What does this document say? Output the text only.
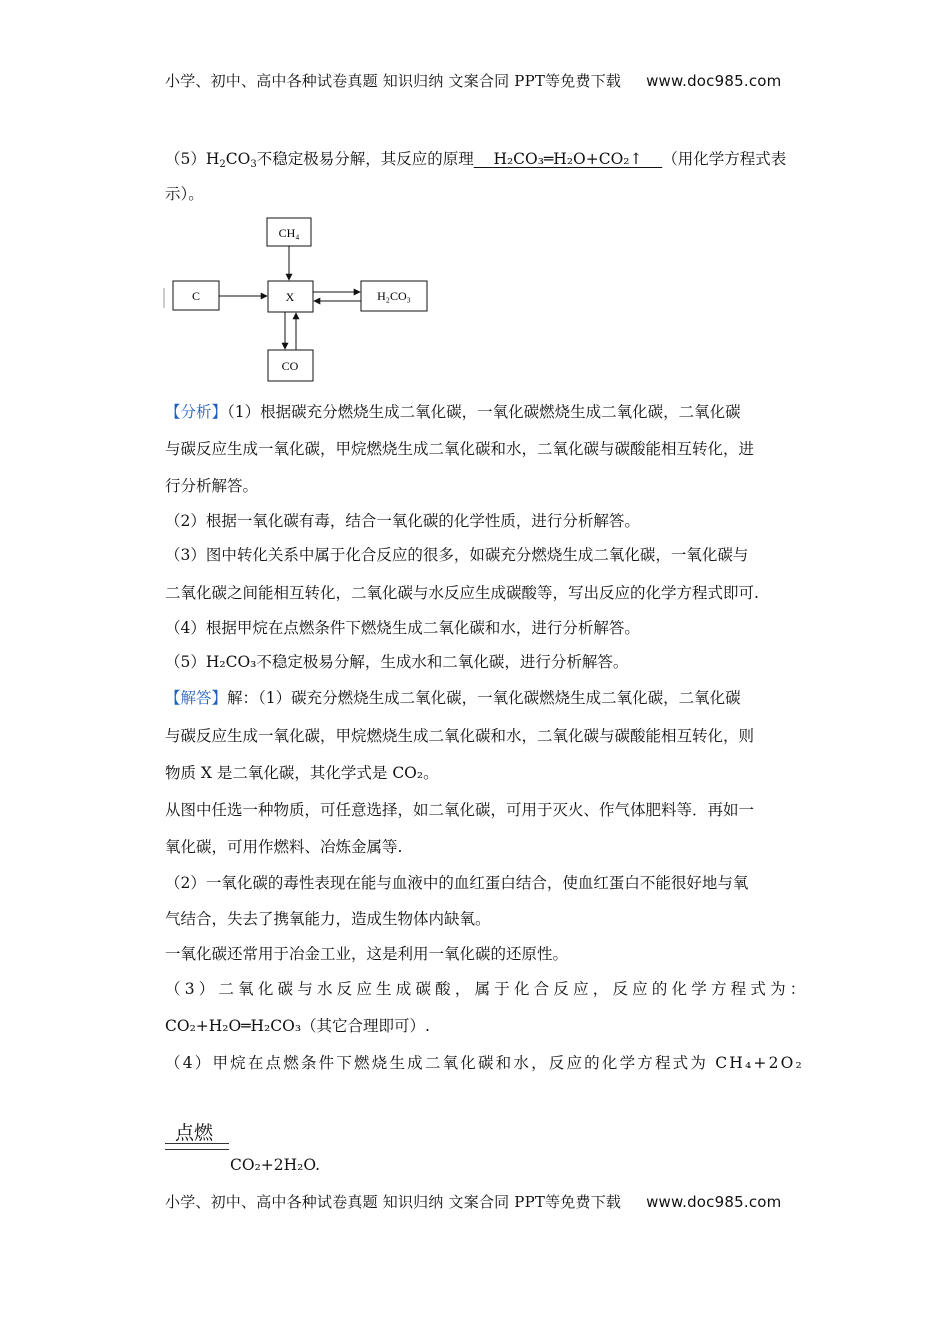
小学、初中、高中各种试卷真题 知识归纳 文案合同 PPT等免费下载 www.doc985.com
$(5)H_2CO_3$不稳定极易分解，其反应的原理 H₂CO₃═H₂O+CO₂↑ （用化学方程式表
示）。
CH₄
C	X	H₂CO₃
CO
【分析】（1）根据碳充分燃烧生成二氧化碳，一氧化碳燃烧生成二氧化碳，二氧化碳
与碳反应生成一氧化碳，甲烷燃烧生成二氧化碳和水，二氧化碳与碳酸能相互转化，进
行分析解答。
（2）根据一氧化碳有毒，结合一氧化碳的化学性质，进行分析解答。
（3）图中转化关系中属于化合反应的很多，如碳充分燃烧生成二氧化碳，一氧化碳与
二氧化碳之间能相互转化，二氧化碳与水反应生成碳酸等，写出反应的化学方程式即可.
（4）根据甲烷在点燃条件下燃烧生成二氧化碳和水，进行分析解答。
（5）H₂CO₃不稳定极易分解，生成水和二氧化碳，进行分析解答。
【解答】解：（1）碳充分燃烧生成二氧化碳，一氧化碳燃烧生成二氧化碳，二氧化碳
与碳反应生成一氧化碳，甲烷燃烧生成二氧化碳和水，二氧化碳与碳酸能相互转化，则
物质 X 是二氧化碳，其化学式是 CO₂。
从图中任选一种物质，可任意选择，如二氧化碳，可用于灭火、作气体肥料等．再如一
氧化碳，可用作燃料、冶炼金属等.
（2）一氧化碳的毒性表现在能与血液中的血红蛋白结合，使血红蛋白不能很好地与氧
气结合，失去了携氧能力，造成生物体内缺氧。
一氧化碳还常用于冶金工业，这是利用一氧化碳的还原性。
（3）二氧化碳与水反应生成碳酸，属于化合反应，反应的化学方程式为：
CO₂+H₂O═H₂CO₃（其它合理即可）.
（4）甲烷在点燃条件下燃烧生成二氧化碳和水，反应的化学方程式为 CH₄+2O₂
点燃
CO₂+2H₂O.
小学、初中、高中各种试卷真题 知识归纳 文案合同 PPT等免费下载 www.doc985.com
